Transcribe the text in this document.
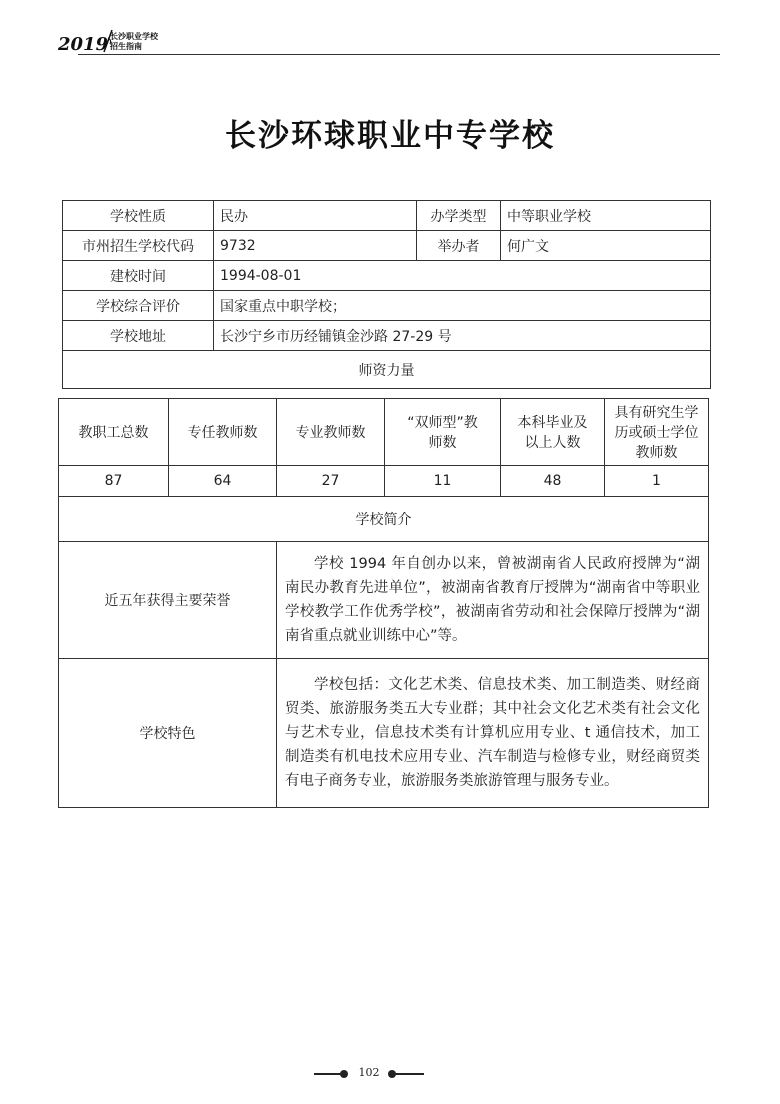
2019 长沙职业学校
招生指南
长沙环球职业中专学校
学校性质	民办	办学类型	中等职业学校
市州招生学校代码	9732	举办者	何广文
建校时间	1994-08-01		
学校综合评价	国家重点中职学校；		
学校地址	长沙宁乡市历经铺镇金沙路 27-29 号		
师资力量			
教职工总数	专任教师数	专业教师数	“双师型”教师数	本科毕业及以上人数	具有研究生学历或硕士学位教师数
87	64	27	11	48	1
学校简介					
近五年获得主要荣誉		学校 1994 年自创办以来，曾被湖南省人民政府授牌为“湖南民办教育先进单位”，被湖南省教育厅授牌为“湖南省中等职业学校教学工作优秀学校”，被湖南省劳动和社会保障厅授牌为“湖南省重点就业训练中心”等。			
学校特色		学校包括：文化艺术类、信息技术类、加工制造类、财经商贸类、旅游服务类五大专业群；其中社会文化艺术类有社会文化与艺术专业，信息技术类有计算机应用专业、t 通信技术，加工制造类有机电技术应用专业、汽车制造与检修专业，财经商贸类有电子商务专业，旅游服务类旅游管理与服务专业。			
102
